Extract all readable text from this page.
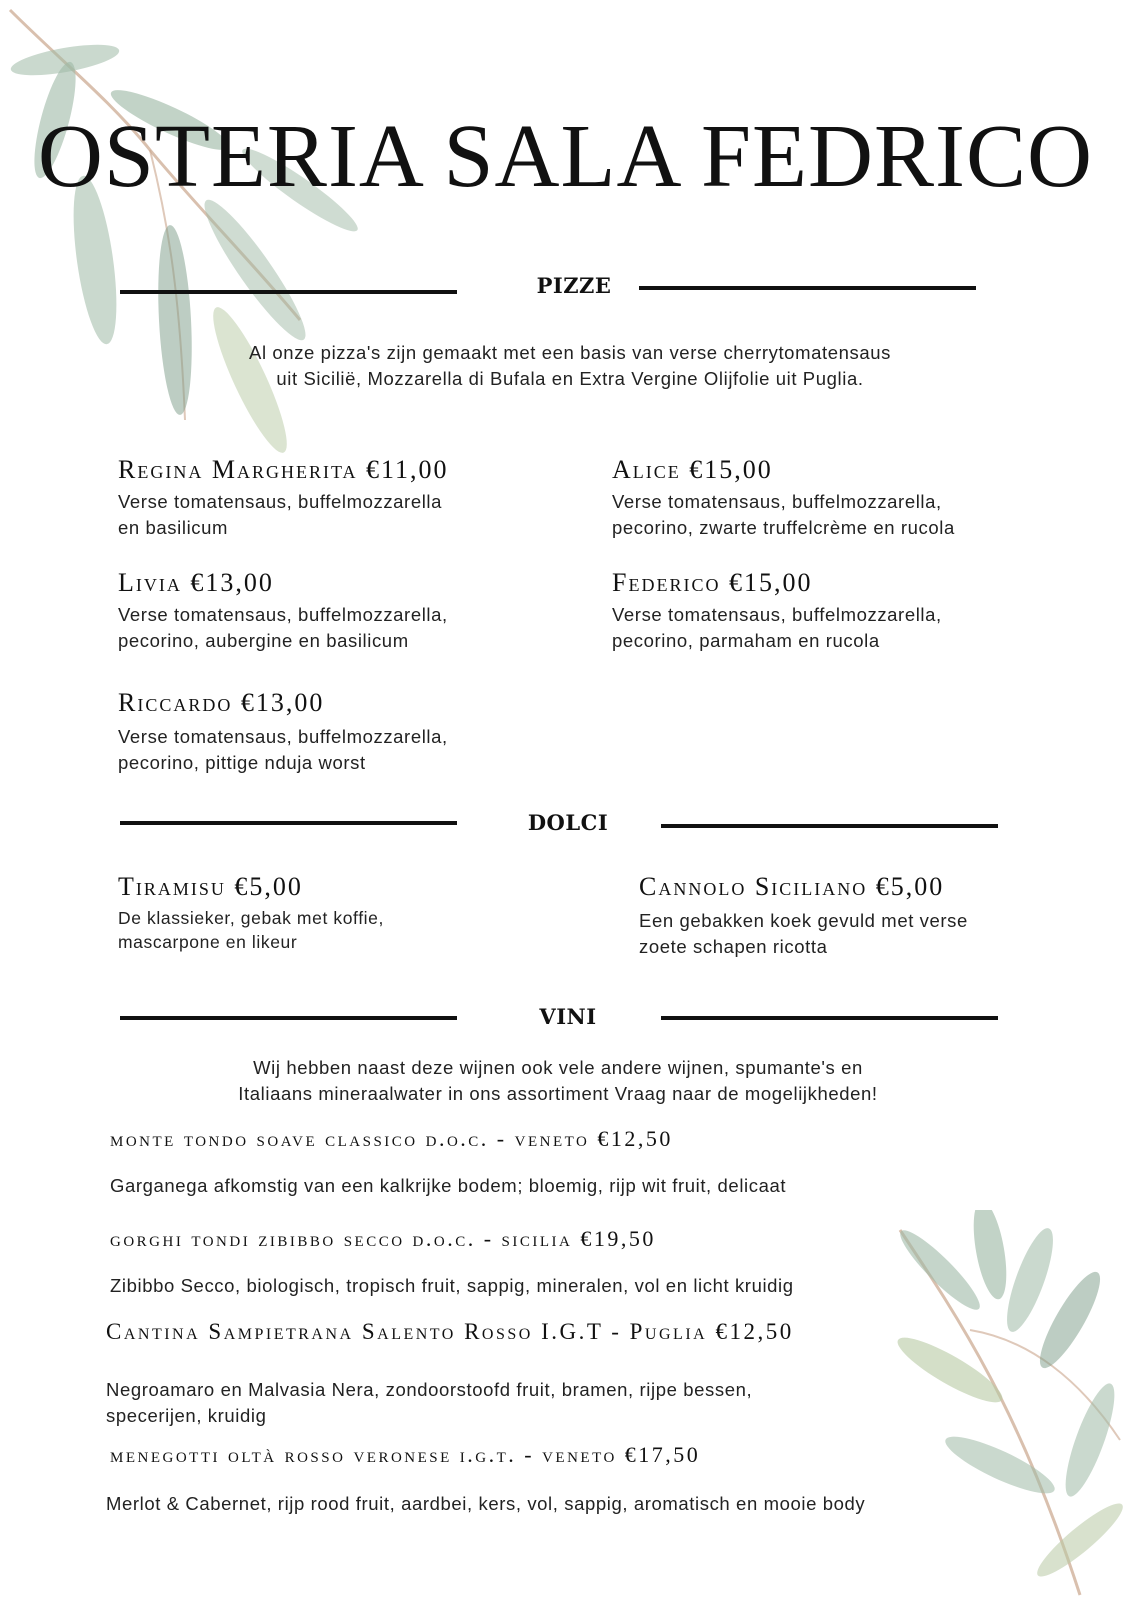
OSTERIA SALA FEDRICO
PIZZE
Al onze pizza's zijn gemaakt met een basis van verse cherrytomatensaus
uit Siciliё, Mozzarella di Bufala en Extra Vergine Olijfolie uit Puglia.
Regina Margherita €11,00
Verse tomatensaus, buffelmozzarella
en basilicum
Alice €15,00
Verse tomatensaus, buffelmozzarella,
pecorino, zwarte truffelcrème en rucola
Livia €13,00
Verse tomatensaus, buffelmozzarella,
pecorino, aubergine en basilicum
Federico €15,00
Verse tomatensaus, buffelmozzarella,
pecorino, parmaham en rucola
Riccardo €13,00
Verse tomatensaus, buffelmozzarella,
pecorino, pittige nduja worst
DOLCI
Tiramisu €5,00
De klassieker, gebak met koffie,
mascarpone en likeur
Cannolo Siciliano €5,00
Een gebakken koek gevuld met verse
zoete schapen ricotta
VINI
Wij hebben naast deze wijnen ook vele andere wijnen, spumante's en
Italiaans mineraalwater in ons assortiment Vraag naar de mogelijkheden!
monte tondo soave classico d.o.c. - veneto €12,50
Garganega afkomstig van een kalkrijke bodem; bloemig, rijp wit fruit, delicaat
gorghi tondi zibibbo secco d.o.c. - sicilia €19,50
Zibibbo Secco, biologisch, tropisch fruit, sappig, mineralen, vol en licht kruidig
Cantina Sampietrana Salento Rosso I.G.T - Puglia €12,50
Negroamaro en Malvasia Nera, zondoorstoofd fruit, bramen, rijpe bessen,
specerijen, kruidig
menegotti oltà rosso veronese i.g.t. - veneto €17,50
Merlot & Cabernet, rijp rood fruit, aardbei, kers, vol, sappig, aromatisch en mooie body
